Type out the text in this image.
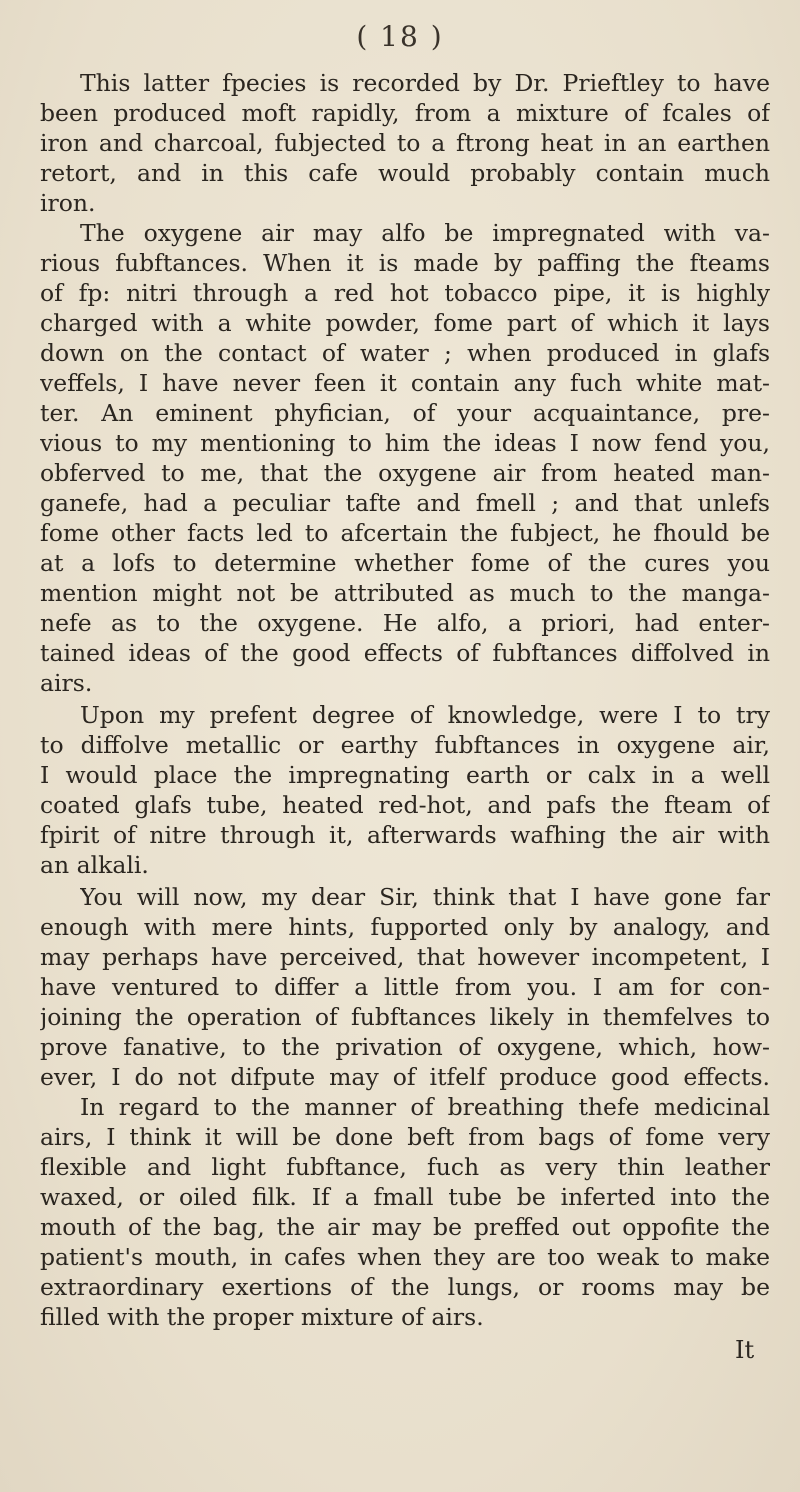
( 18 )
This latter fpecies is recorded by Dr. Prieftley to have
been produced moft rapidly, from a mixture of fcales of
iron and charcoal, fubjected to a ftrong heat in an earthen
retort, and in this cafe would probably contain much
iron.
The oxygene air may alfo be impregnated with va-
rious fubftances. When it is made by paffing the fteams
of fp: nitri through a red hot tobacco pipe, it is highly
charged with a white powder, fome part of which it lays
down on the contact of water ; when produced in glafs
veffels, I have never feen it contain any fuch white mat-
ter. An eminent phyfician, of your acquaintance, pre-
vious to my mentioning to him the ideas I now fend you,
obferved to me, that the oxygene air from heated man-
ganefe, had a peculiar tafte and fmell ; and that unlefs
fome other facts led to afcertain the fubject, he fhould be
at a lofs to determine whether fome of the cures you
mention might not be attributed as much to the manga-
nefe as to the oxygene. He alfo, a priori, had enter-
tained ideas of the good effects of fubftances diffolved in
airs.
Upon my prefent degree of knowledge, were I to try
to diffolve metallic or earthy fubftances in oxygene air,
I would place the impregnating earth or calx in a well
coated glafs tube, heated red-hot, and pafs the fteam of
fpirit of nitre through it, afterwards wafhing the air with
an alkali.
You will now, my dear Sir, think that I have gone far
enough with mere hints, fupported only by analogy, and
may perhaps have perceived, that however incompetent, I
have ventured to differ a little from you. I am for con-
joining the operation of fubftances likely in themfelves to
prove fanative, to the privation of oxygene, which, how-
ever, I do not difpute may of itfelf produce good effects.
In regard to the manner of breathing thefe medicinal
airs, I think it will be done beft from bags of fome very
flexible and light fubftance, fuch as very thin leather
waxed, or oiled filk. If a fmall tube be inferted into the
mouth of the bag, the air may be preffed out oppofite the
patient's mouth, in cafes when they are too weak to make
extraordinary exertions of the lungs, or rooms may be
filled with the proper mixture of airs.
It
